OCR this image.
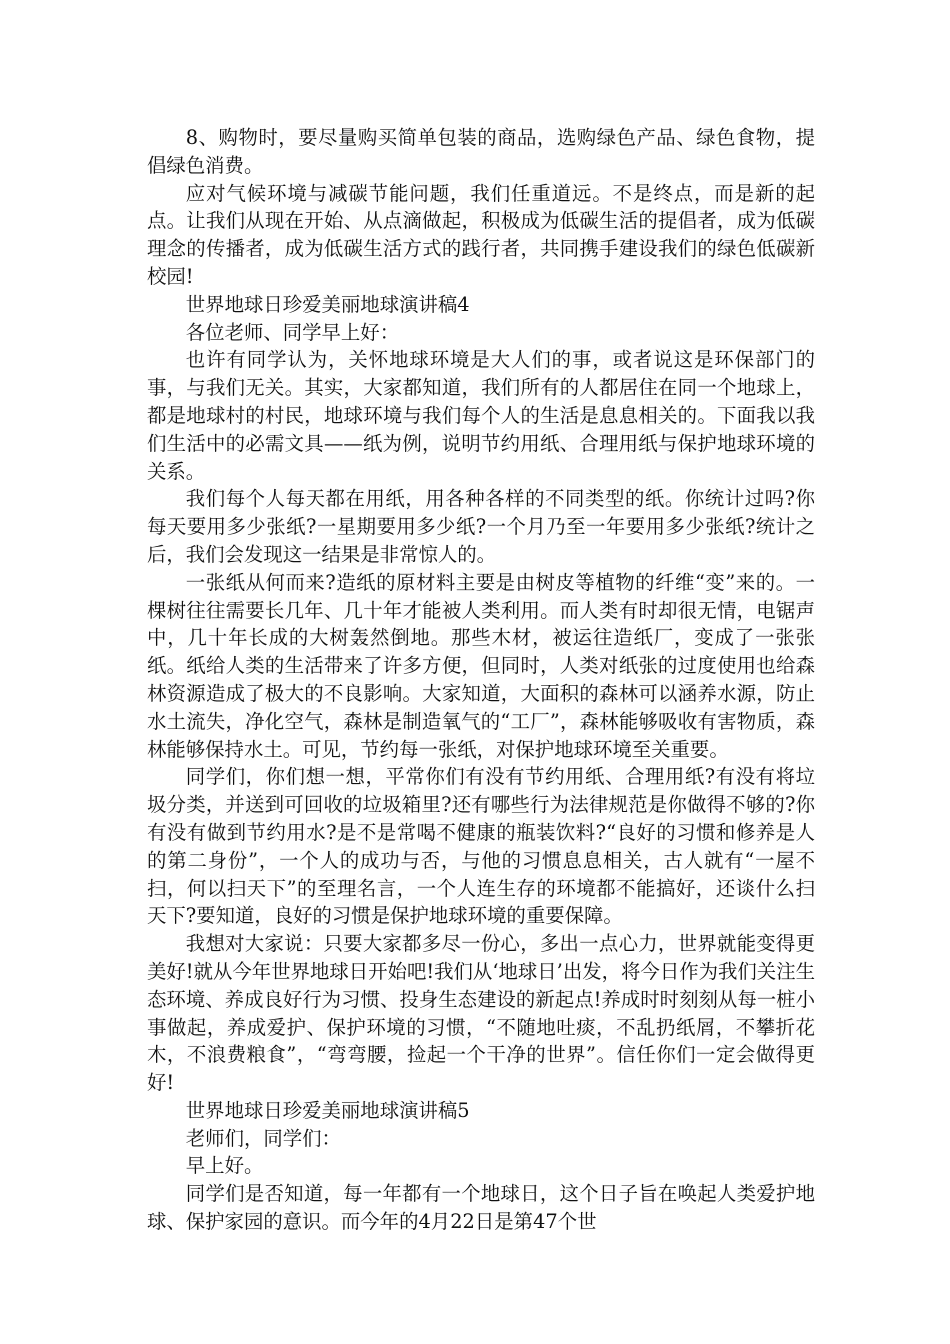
8、购物时，要尽量购买简单包装的商品，选购绿色产品、绿色食物，提倡绿色消费。

应对气候环境与减碳节能问题，我们任重道远。不是终点，而是新的起点。让我们从现在开始、从点滴做起，积极成为低碳生活的提倡者，成为低碳理念的传播者，成为低碳生活方式的践行者，共同携手建设我们的绿色低碳新校园!

世界地球日珍爱美丽地球演讲稿4

各位老师、同学早上好：

也许有同学认为，关怀地球环境是大人们的事，或者说这是环保部门的事，与我们无关。其实，大家都知道，我们所有的人都居住在同一个地球上，都是地球村的村民，地球环境与我们每个人的生活是息息相关的。下面我以我们生活中的必需文具——纸为例，说明节约用纸、合理用纸与保护地球环境的关系。

我们每个人每天都在用纸，用各种各样的不同类型的纸。你统计过吗?你每天要用多少张纸?一星期要用多少纸?一个月乃至一年要用多少张纸?统计之后，我们会发现这一结果是非常惊人的。

一张纸从何而来?造纸的原材料主要是由树皮等植物的纤维“变”来的。一棵树往往需要长几年、几十年才能被人类利用。而人类有时却很无情，电锯声中，几十年长成的大树轰然倒地。那些木材，被运往造纸厂，变成了一张张纸。纸给人类的生活带来了许多方便，但同时，人类对纸张的过度使用也给森林资源造成了极大的不良影响。大家知道，大面积的森林可以涵养水源，防止水土流失，净化空气，森林是制造氧气的“工厂”，森林能够吸收有害物质，森林能够保持水土。可见，节约每一张纸，对保护地球环境至关重要。

同学们，你们想一想，平常你们有没有节约用纸、合理用纸?有没有将垃圾分类，并送到可回收的垃圾箱里?还有哪些行为法律规范是你做得不够的?你有没有做到节约用水?是不是常喝不健康的瓶装饮料?“良好的习惯和修养是人的第二身份”，一个人的成功与否，与他的习惯息息相关，古人就有“一屋不扫，何以扫天下”的至理名言，一个人连生存的环境都不能搞好，还谈什么扫天下?要知道，良好的习惯是保护地球环境的重要保障。

我想对大家说：只要大家都多尽一份心，多出一点心力，世界就能变得更美好!就从今年世界地球日开始吧!我们从‘地球日’出发，将今日作为我们关注生态环境、养成良好行为习惯、投身生态建设的新起点!养成时时刻刻从每一桩小事做起，养成爱护、保护环境的习惯，“不随地吐痰，不乱扔纸屑，不攀折花木，不浪费粮食”，“弯弯腰，捡起一个干净的世界”。信任你们一定会做得更好!

世界地球日珍爱美丽地球演讲稿5

老师们，同学们：

早上好。

同学们是否知道，每一年都有一个地球日，这个日子旨在唤起人类爱护地球、保护家园的意识。而今年的4月22日是第47个世
